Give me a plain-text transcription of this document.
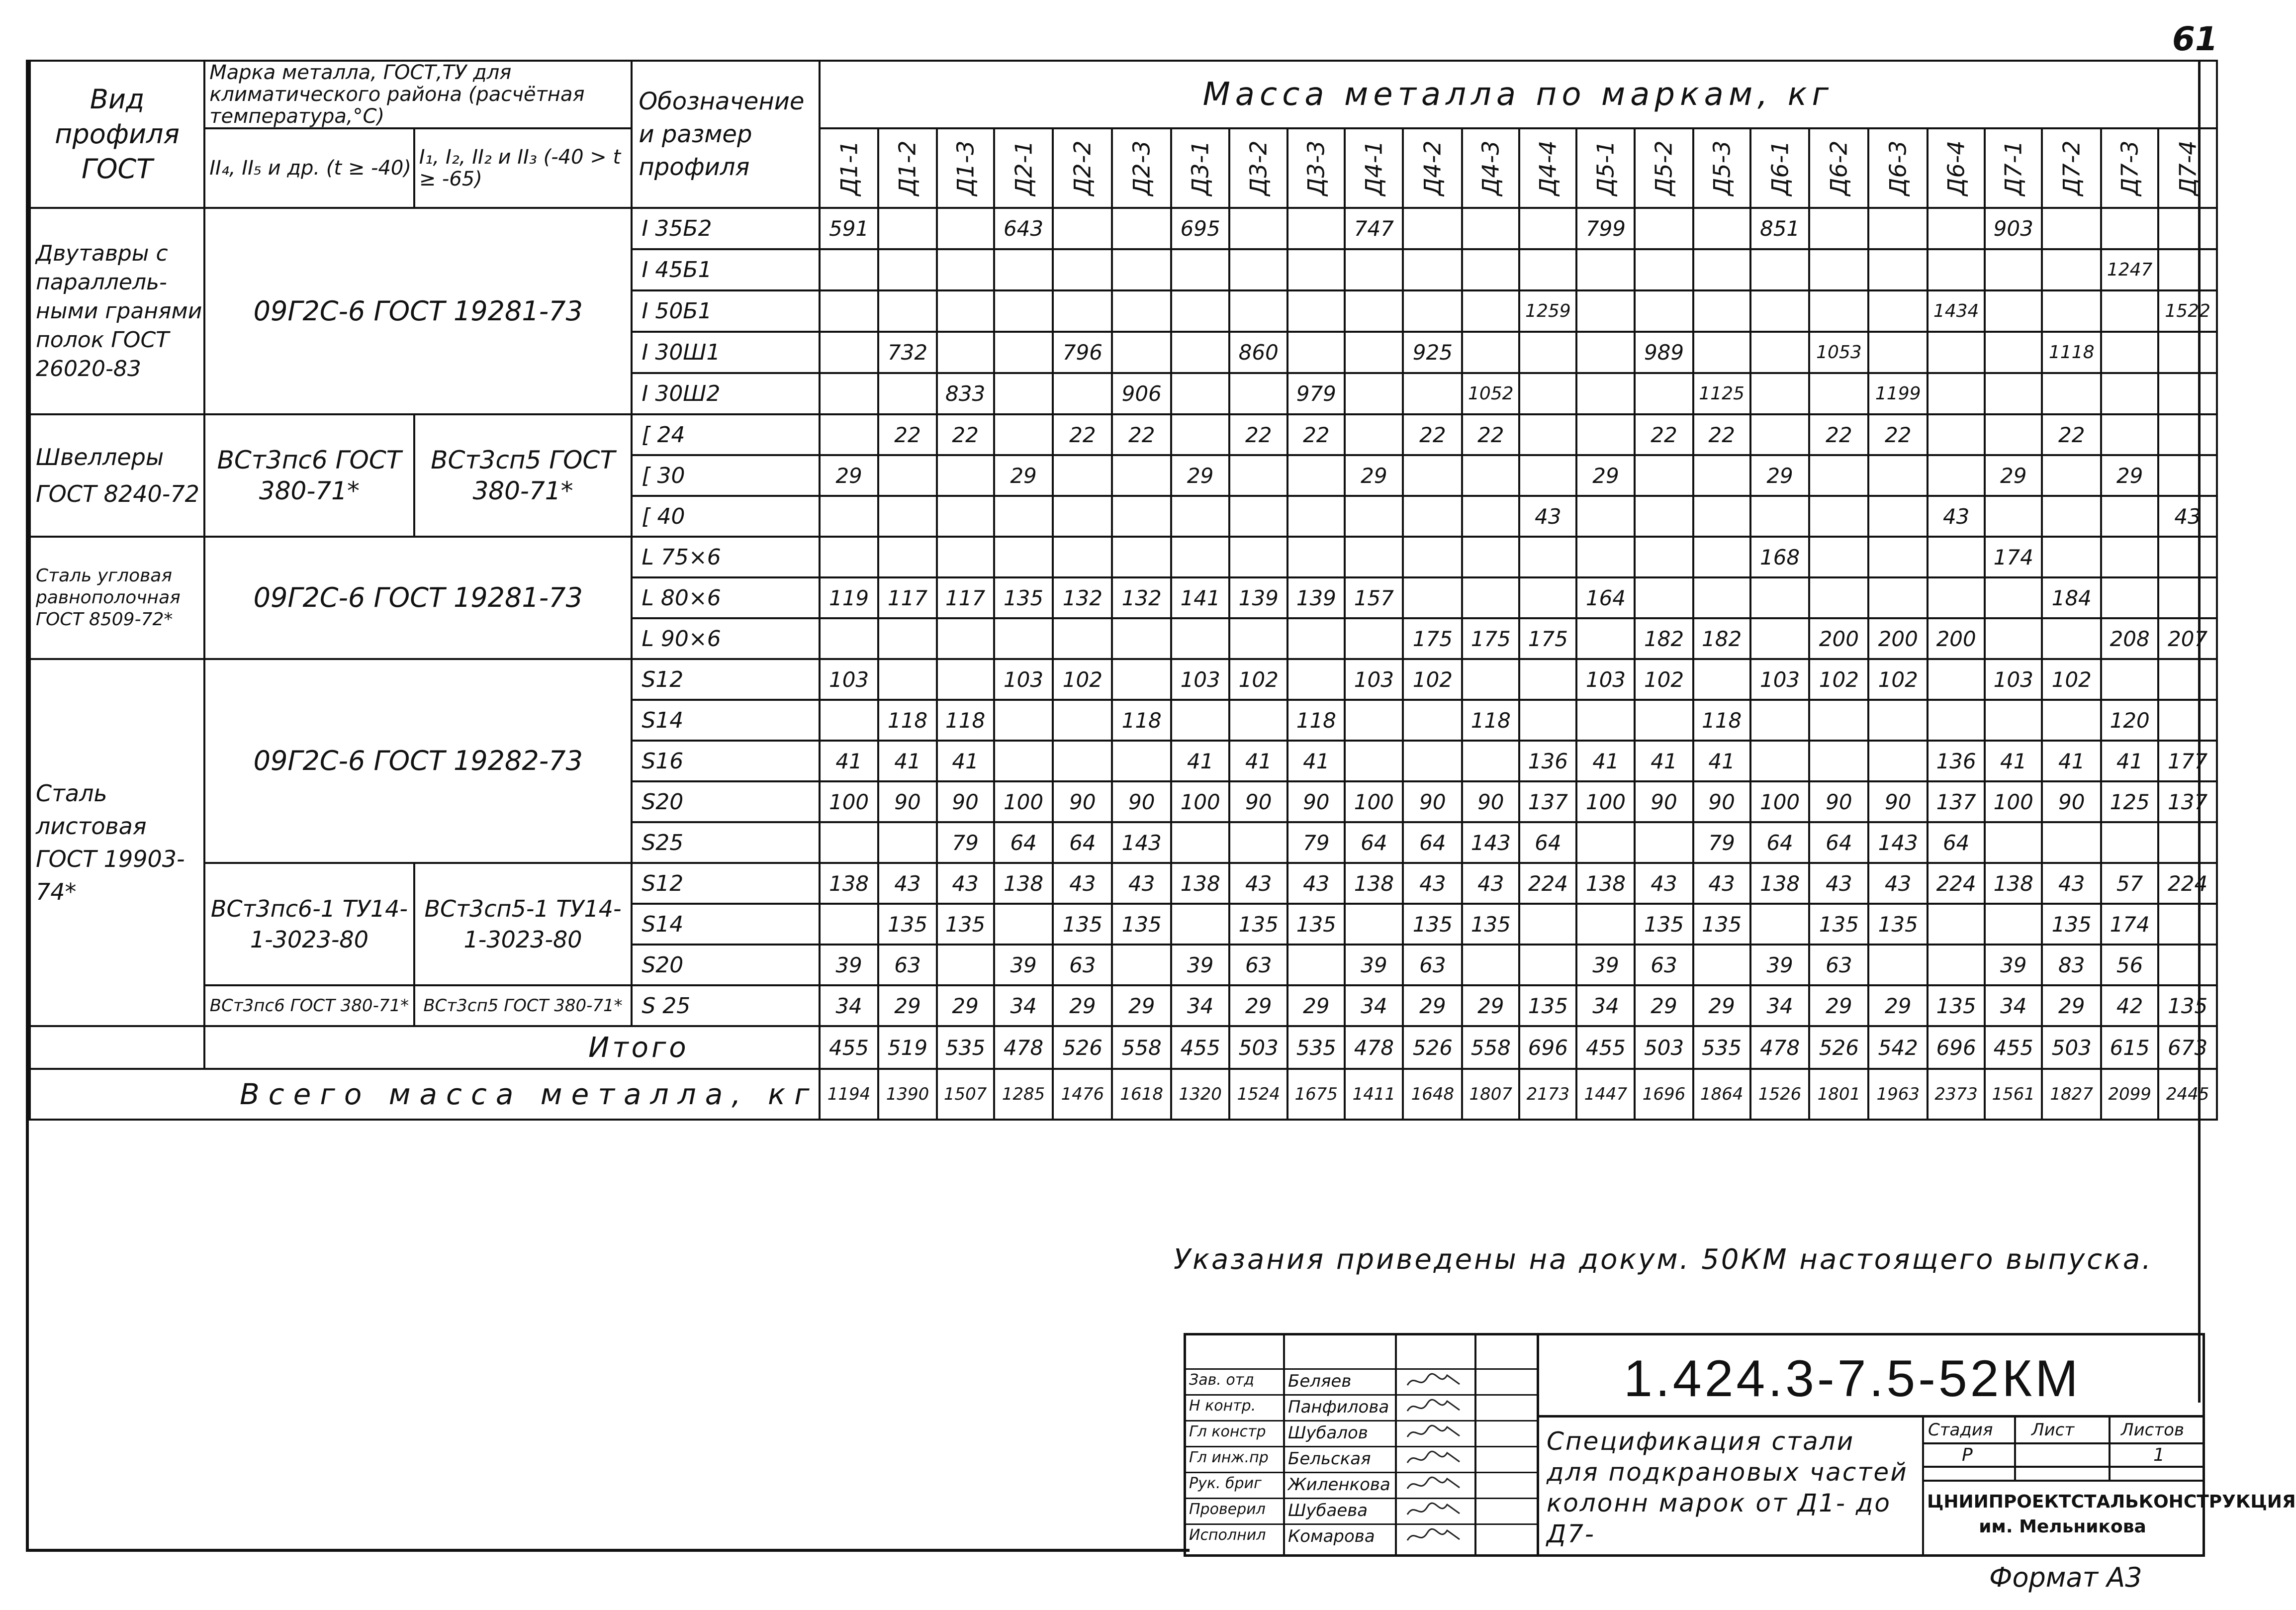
61
Вид профиля ГОСТ	Марка металла, ГОСТ,ТУ для климатического района (расчётная температура,°С)		Обозначение и размер профиля	Масса металла по маркам, кг																							
	II₄, II₅ и др. (t ≥ -40)	I₁, I₂, II₂ и II₃ (-40 > t ≥ -65)		Д1-1	Д1-2	Д1-3	Д2-1	Д2-2	Д2-3	Д3-1	Д3-2	Д3-3	Д4-1	Д4-2	Д4-3	Д4-4	Д5-1	Д5-2	Д5-3	Д6-1	Д6-2	Д6-3	Д6-4	Д7-1	Д7-2	Д7-3	Д7-4

Двутавры с параллель-ными гранями полок ГОСТ 26020-83	09Г2С-6 ГОСТ 19281-73		I 35Б2	591			643			695			747				799			851				903			
			I 45Б1																							1247	
			I 50Б1													1259							1434				1522
			I 30Ш1		732			796			860			925				989			1053				1118		
			I 30Ш2			833			906			979			1052				1125			1199					
Швеллеры ГОСТ 8240-72	ВСт3пс6 ГОСТ 380-71*	ВСт3сп5 ГОСТ 380-71*	[ 24		22	22		22	22		22	22		22	22			22	22		22	22			22		
			[ 30	29			29			29			29				29			29				29		29	
			[ 40													43							43				43
Сталь угловая равнополочная ГОСТ 8509-72*	09Г2С-6 ГОСТ 19281-73		L 75×6																	168				174			
			L 80×6	119	117	117	135	132	132	141	139	139	157				164								184		
			L 90×6											175	175	175		182	182		200	200	200			208	207
Сталь листовая ГОСТ 19903-74*	09Г2С-6 ГОСТ 19282-73		S12	103			103	102		103	102		103	102			103	102		103	102	102		103	102		
			S14		118	118			118			118			118				118							120	
			S16	41	41	41				41	41	41				136	41	41	41				136	41	41	41	177
			S20	100	90	90	100	90	90	100	90	90	100	90	90	137	100	90	90	100	90	90	137	100	90	125	137
			S25			79	64	64	143			79	64	64	143	64			79	64	64	143	64				
	ВСт3пс6-1 ТУ14-1-3023-80	ВСт3сп5-1 ТУ14-1-3023-80	S12	138	43	43	138	43	43	138	43	43	138	43	43	224	138	43	43	138	43	43	224	138	43	57	224
			S14		135	135		135	135		135	135		135	135			135	135		135	135			135	174	
			S20	39	63		39	63		39	63		39	63			39	63		39	63			39	83	56	
	ВСт3пс6 ГОСТ 380-71*	ВСт3сп5 ГОСТ 380-71*	S 25	34	29	29	34	29	29	34	29	29	34	29	29	135	34	29	29	34	29	29	135	34	29	42	135
	Итого			455	519	535	478	526	558	455	503	535	478	526	558	696	455	503	535	478	526	542	696	455	503	615	673
Всего масса металла, кг				1194	1390	1507	1285	1476	1618	1320	1524	1675	1411	1648	1807	2173	1447	1696	1864	1526	1801	1963	2373	1561	1827	2099	2445
Указания приведены на докум. 50КМ настоящего выпуска.
Зав. отд Беляев
Н контр. Панфилова
Гл констр Шубалов
Гл инж.пр Бельская
Рук. бриг Жиленкова
Проверил Шубаева
Исполнил Комарова
1.424.3-7.5-52КМ
Спецификация стали для подкрановых частей колонн марок от Д1- до Д7-
Стадия Лист	Листов
Р	1
ЦНИИПРОЕКТСТАЛЬКОНСТРУКЦИЯ им. Мельникова
Формат А3
